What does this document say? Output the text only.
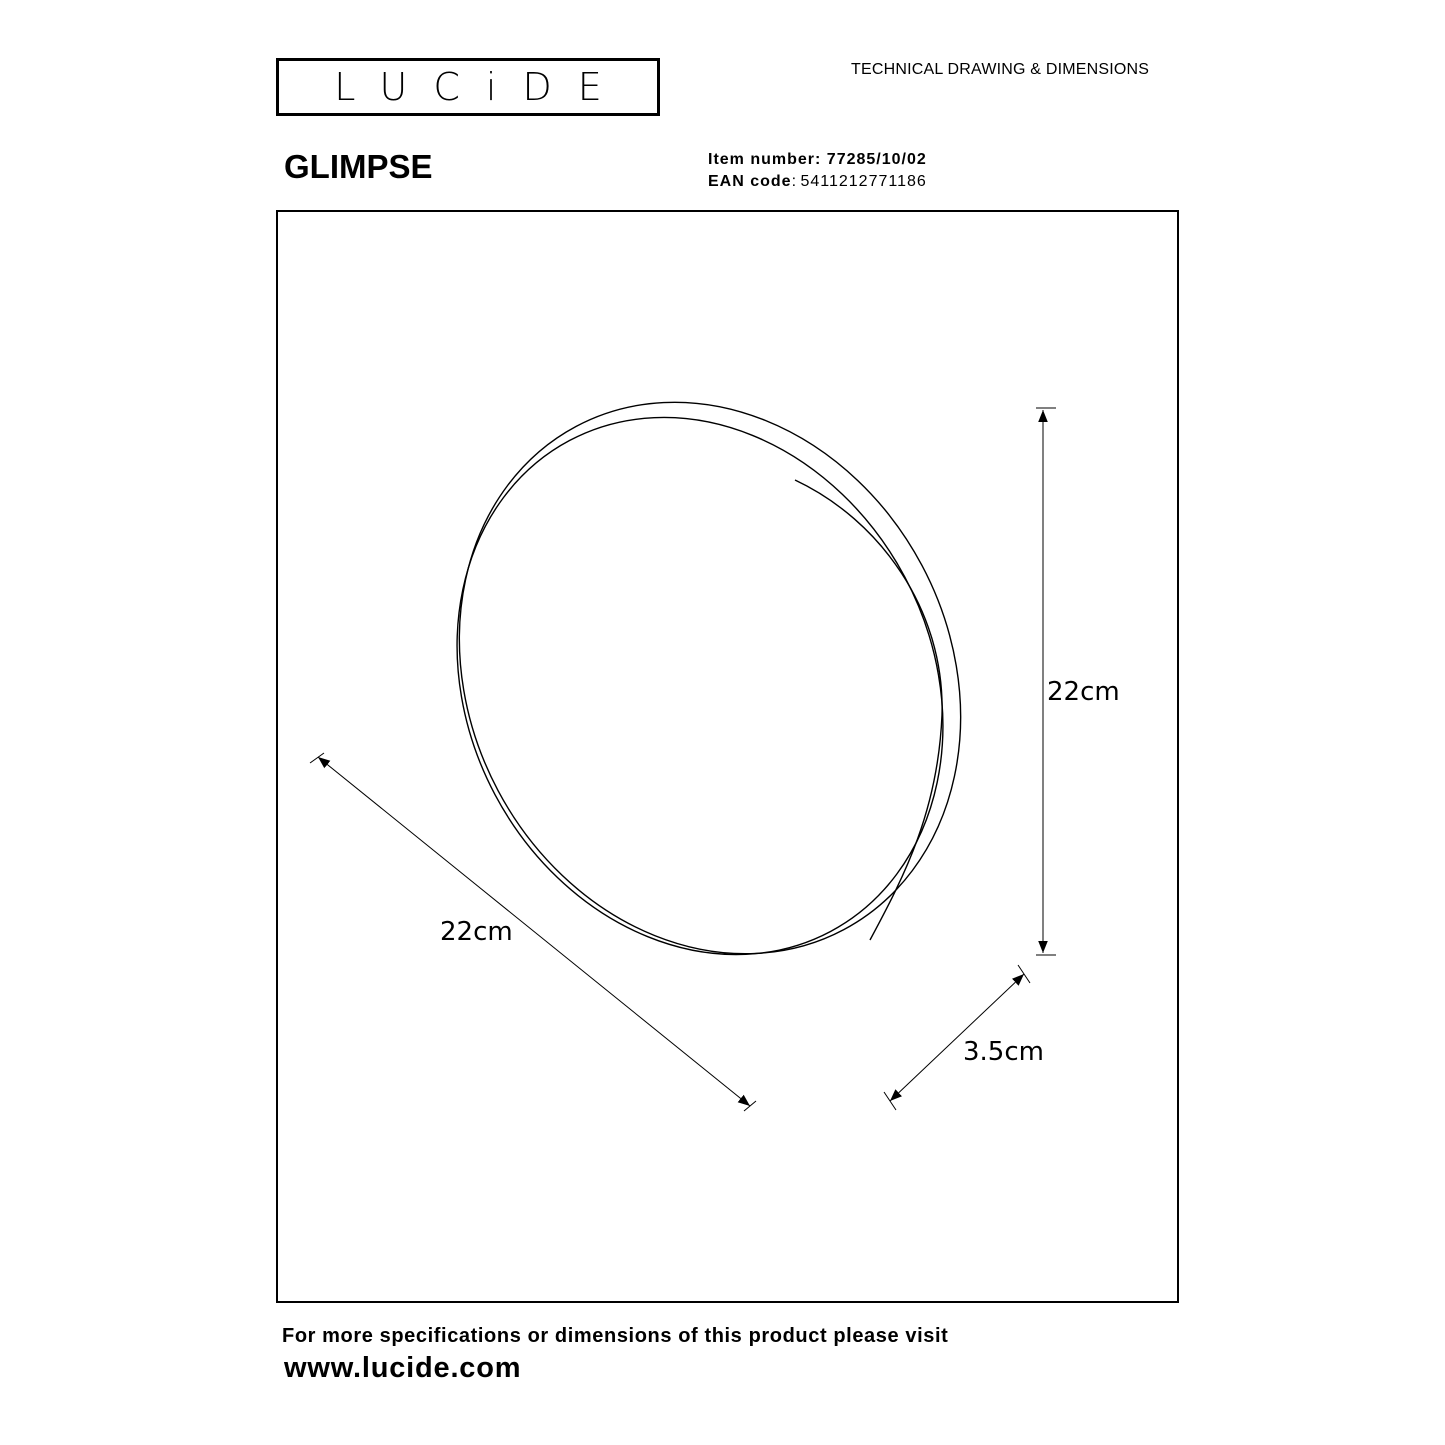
LUCiDE	TECHNICAL DRAWING & DIMENSIONS
GLIMPSE	Item number: 77285/10/02
EAN code: 5411212771186
22cm
22cm
3.5cm
For more specifications or dimensions of this product please visit
www.lucide.com
